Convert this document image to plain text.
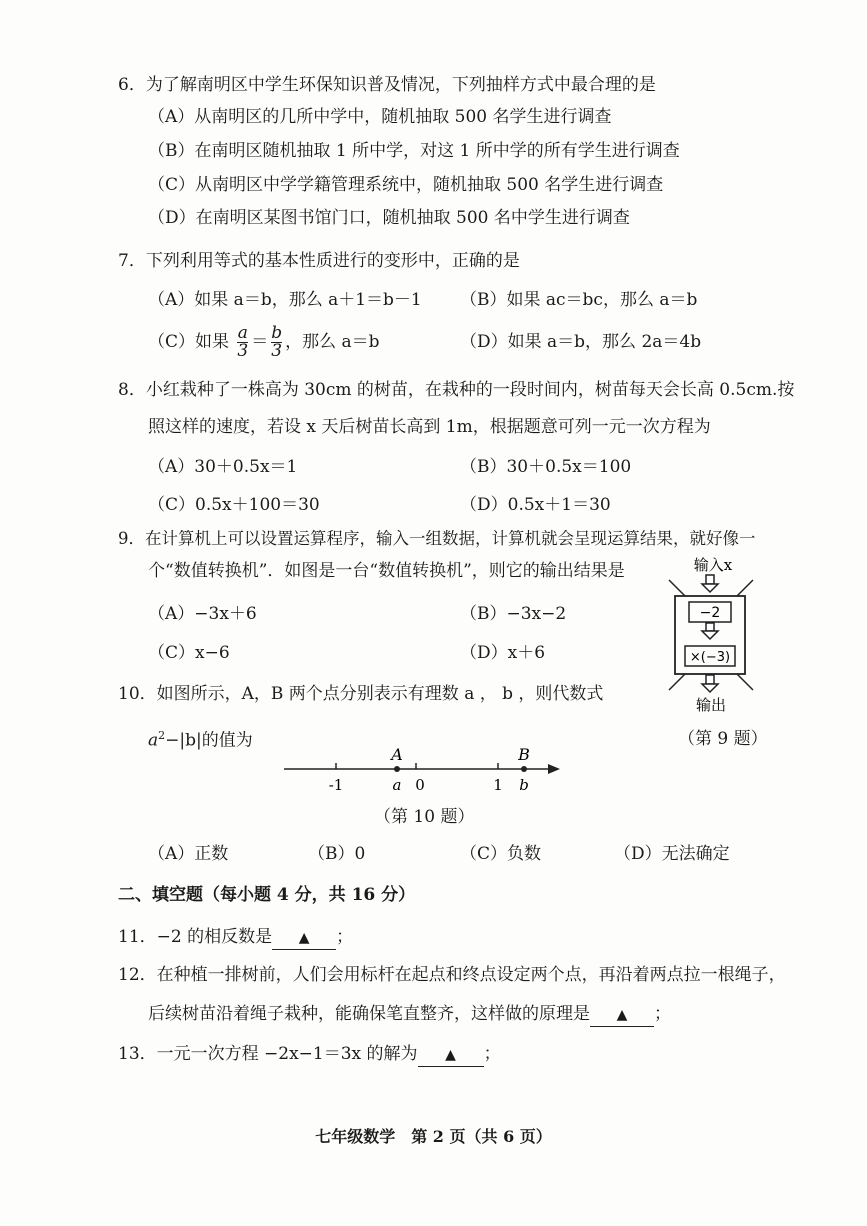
6．为了解南明区中学生环保知识普及情况，下列抽样方式中最合理的是
（A）从南明区的几所中学中，随机抽取 500 名学生进行调查
（B）在南明区随机抽取 1 所中学，对这 1 所中学的所有学生进行调查
（C）从南明区中学学籍管理系统中，随机抽取 500 名学生进行调查
（D）在南明区某图书馆门口，随机抽取 500 名中学生进行调查
7．下列利用等式的基本性质进行的变形中，正确的是
（A）如果 a＝b，那么 a＋1＝b－1 （B）如果 ac＝bc，那么 a＝b
（C）如果 $\frac{a}{3} = \frac{b}{3}$ ，那么 a＝b	（D）如果 a＝b，那么 2a＝4b
8．小红栽种了一株高为 30cm 的树苗，在栽种的一段时间内，树苗每天会长高 0.5cm.按
照这样的速度，若设 x 天后树苗长高到 1m，根据题意可列一元一次方程为
（A）30＋0.5x＝1	（B）30＋0.5x＝100
（C）0.5x＋100＝30	（D）0.5x＋1＝30
9．在计算机上可以设置运算程序，输入一组数据，计算机就会呈现运算结果，就好像一
个“数值转换机”．如图是一台“数值转换机”，则它的输出结果是
（A）−3x＋6	（B）−3x−2
（C）x−6	（D）x＋6
输入x
−2
×(−3)
输出
（第 9 题）
10．如图所示，A，B 两个点分别表示有理数 a ， b ，则代数式
$a^2-|b|$的值为
A	B
-1	a 0	1 b
（第 10 题）
（A）正数	（B）0	（C）负数	（D）无法确定
二、填空题（每小题 4 分，共 16 分）
11．−2 的相反数是 ▲ ；
12．在种植一排树前，人们会用标杆在起点和终点设定两个点，再沿着两点拉一根绳子，
后续树苗沿着绳子栽种，能确保笔直整齐，这样做的原理是 ▲ ；
13．一元一次方程 −2x−1＝3x 的解为 ▲ ；
七年级数学　第 2 页（共 6 页）
